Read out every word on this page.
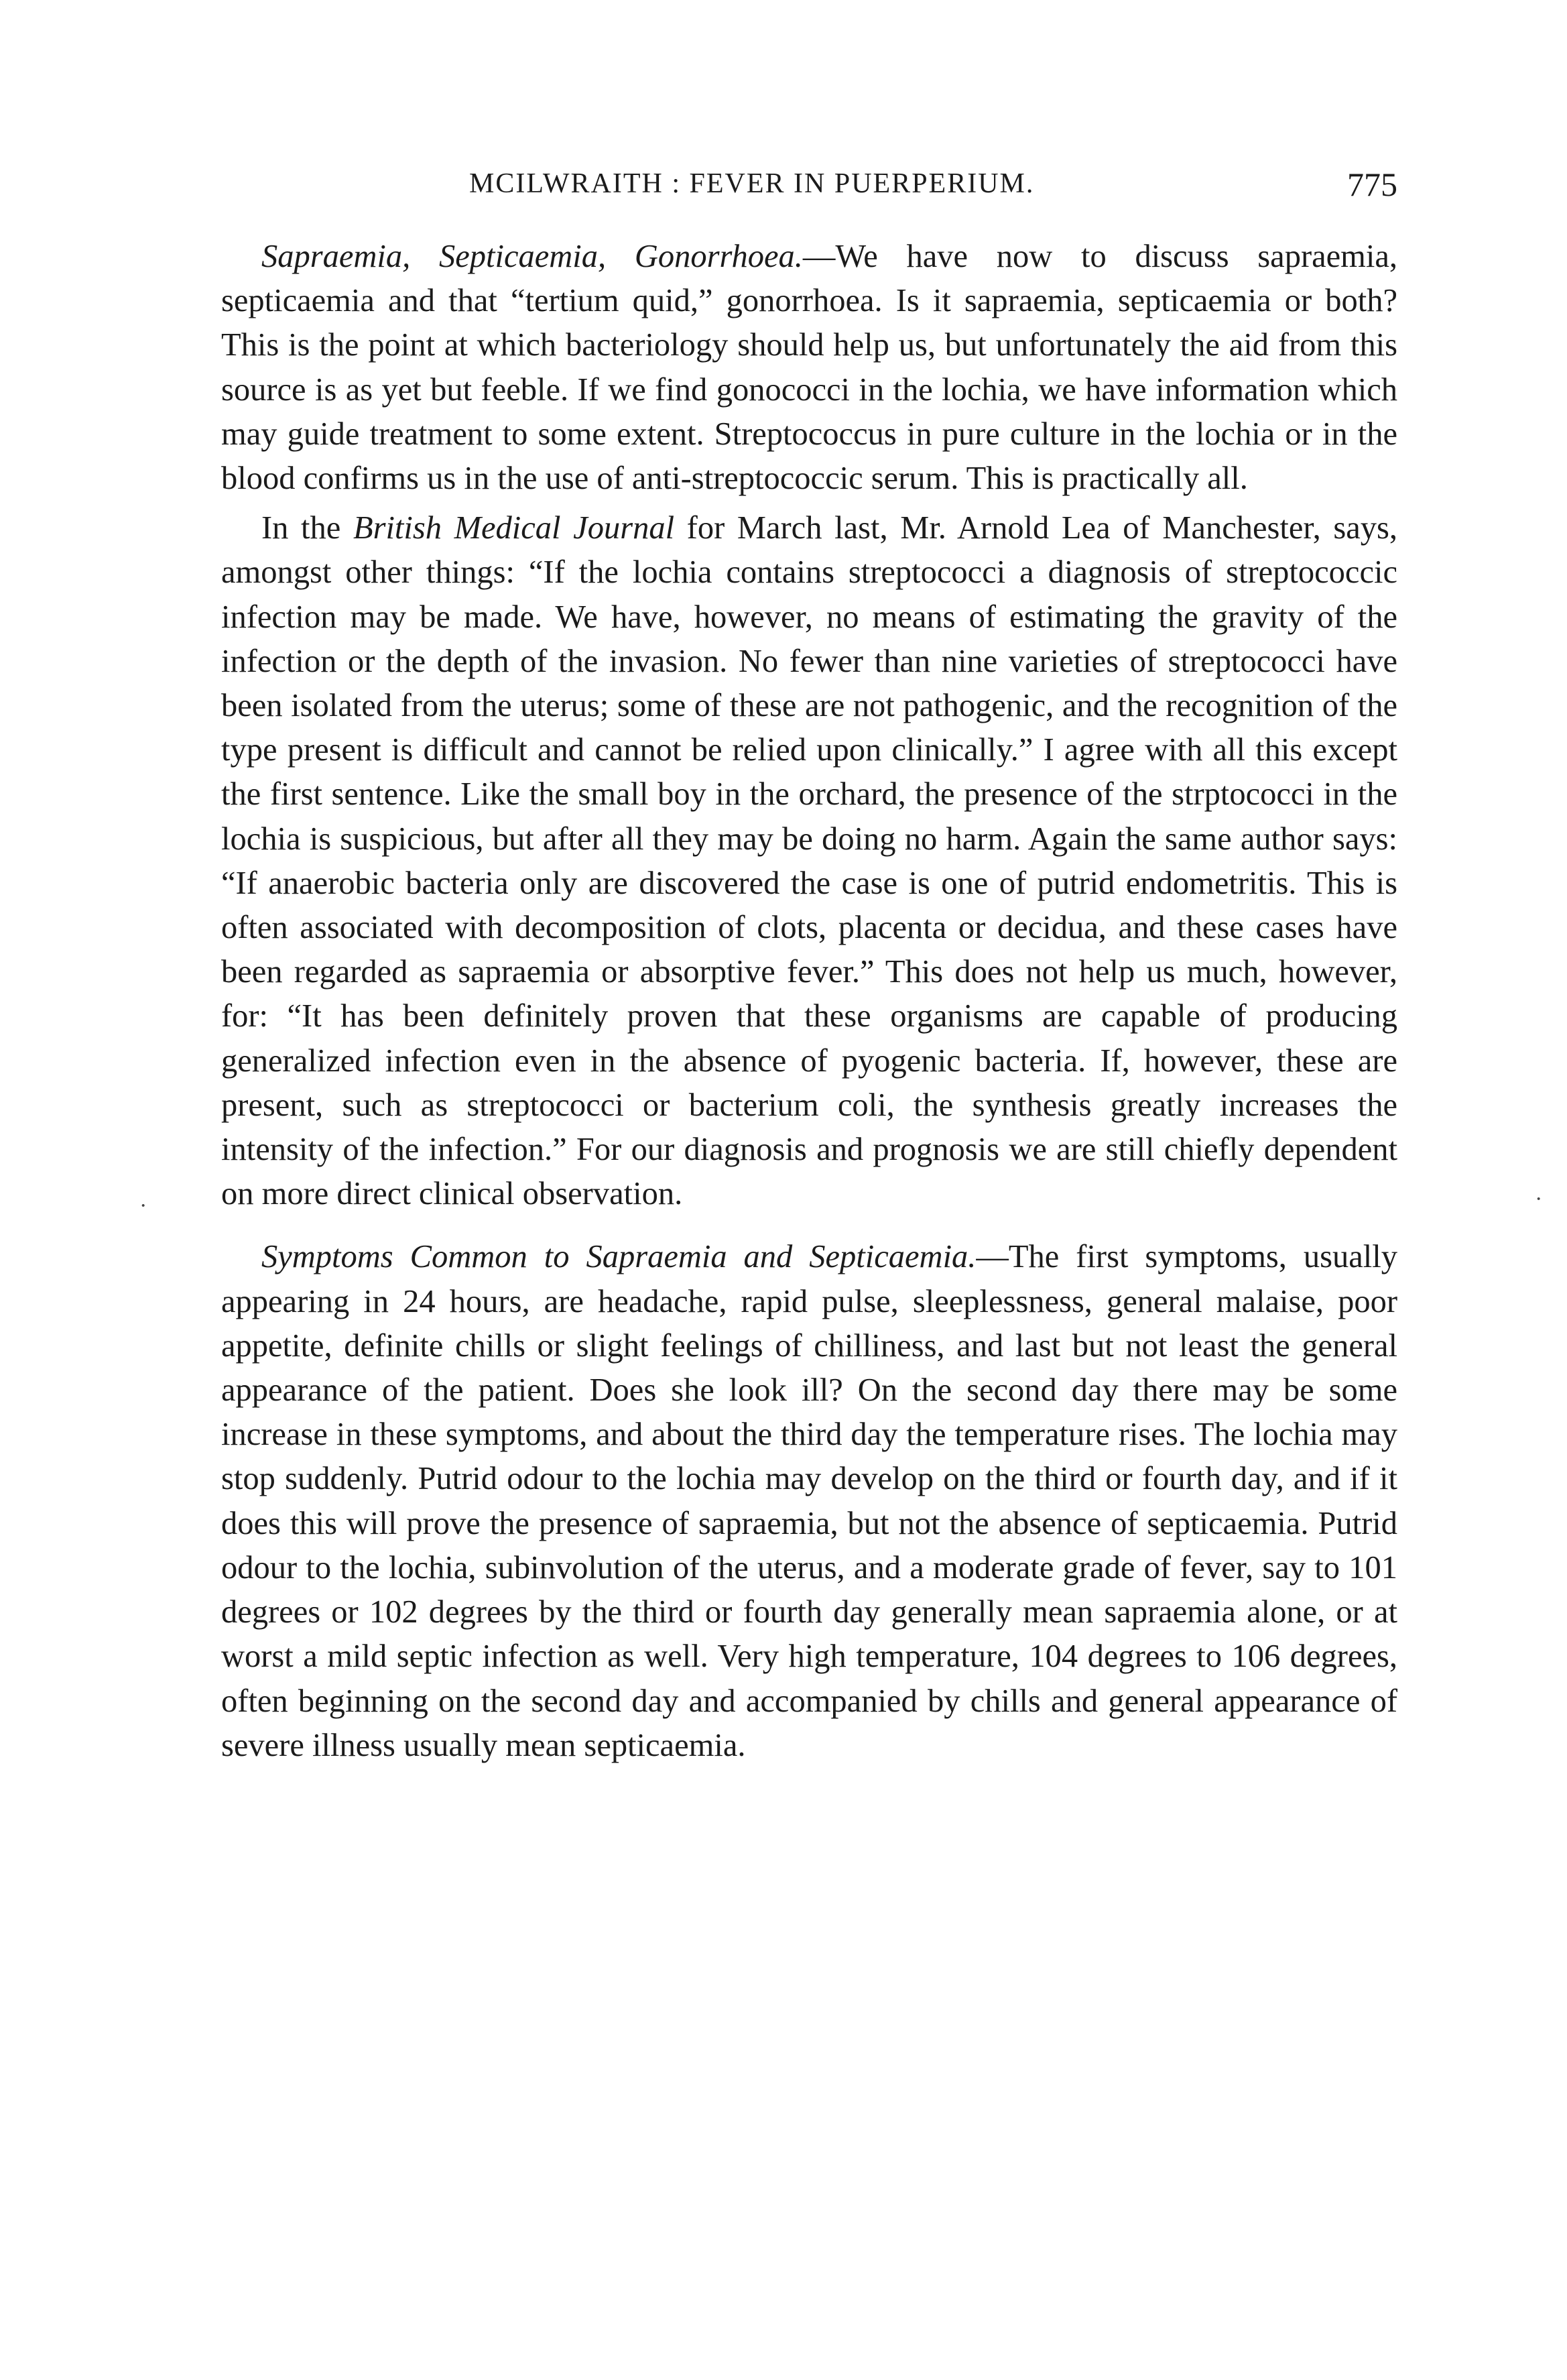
MCILWRAITH : FEVER IN PUERPERIUM.	775

Sapraemia, Septicaemia, Gonorrhoea.—We have now to discuss sapraemia, septicaemia and that “tertium quid,” gonorrhoea. Is it sapraemia, septicaemia or both? This is the point at which bacteriology should help us, but unfortunately the aid from this source is as yet but feeble. If we find gonococci in the lochia, we have information which may guide treatment to some extent. Streptococcus in pure culture in the lochia or in the blood confirms us in the use of anti-streptococcic serum. This is practically all.

In the British Medical Journal for March last, Mr. Arnold Lea of Manchester, says, amongst other things: “If the lochia contains streptococci a diagnosis of streptococcic infection may be made. We have, however, no means of estimating the gravity of the infection or the depth of the invasion. No fewer than nine varieties of streptococci have been isolated from the uterus; some of these are not pathogenic, and the recognition of the type present is difficult and cannot be relied upon clinically.” I agree with all this except the first sentence. Like the small boy in the orchard, the presence of the strptococci in the lochia is suspicious, but after all they may be doing no harm. Again the same author says: “If anaerobic bacteria only are discovered the case is one of putrid endometritis. This is often associated with decomposition of clots, placenta or decidua, and these cases have been regarded as sapraemia or absorptive fever.” This does not help us much, however, for: “It has been definitely proven that these organisms are capable of producing generalized infection even in the absence of pyogenic bacteria. If, however, these are present, such as streptococci or bacterium coli, the synthesis greatly increases the intensity of the infection.” For our diagnosis and prognosis we are still chiefly dependent on more direct clinical observation.

Symptoms Common to Sapraemia and Septicaemia.—The first symptoms, usually appearing in 24 hours, are headache, rapid pulse, sleeplessness, general malaise, poor appetite, definite chills or slight feelings of chilliness, and last but not least the general appearance of the patient. Does she look ill? On the second day there may be some increase in these symptoms, and about the third day the temperature rises. The lochia may stop suddenly. Putrid odour to the lochia may develop on the third or fourth day, and if it does this will prove the presence of sapraemia, but not the absence of septicaemia. Putrid odour to the lochia, subinvolution of the uterus, and a moderate grade of fever, say to 101 degrees or 102 degrees by the third or fourth day generally mean sapraemia alone, or at worst a mild septic infection as well. Very high temperature, 104 degrees to 106 degrees, often beginning on the second day and accompanied by chills and general appearance of severe illness usually mean septicaemia.

·	·
